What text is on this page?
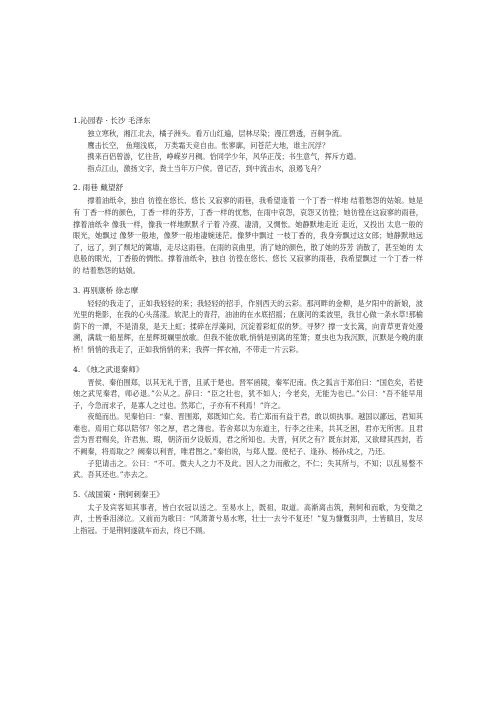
1.沁园春 · 长沙 毛泽东
独立寒秋，湘江北去，橘子洲头。看万山红遍，层林尽染；漫江碧透，百舸争流。
鹰击长空， 鱼翔浅底， 万类霜天竞自由。怅寥廓，问苍茫大地，谁主沉浮？
携来百侣曾游，忆往昔，峥嵘岁月稠。恰同学少年，风华正茂；书生意气，挥斥方遒。
指点江山，激扬文字，粪土当年万户侯。曾记否，到中流击水，浪遏飞舟？
2. 雨巷 戴望舒

撑着油纸伞，独自 彷徨在悠长、悠长 又寂寥的雨巷，我希望逢着 一个丁香一样地 结着愁怨的姑娘。她是有 丁香一样的颜色，丁香一样的芬芳，丁香一样的忧愁，在雨中哀怨，哀怨又彷徨；她彷徨在这寂寥的雨巷，撑着油纸伞 像我一样，像我一样地默默彳亍着 冷漠、凄清，又惆怅。她静默地走近 走近，又投出 太息一般的眼光，她飘过 像梦一般地，像梦一般地凄婉迷茫。像梦中飘过 一枝丁香的，我身旁飘过这女郎；她静默地远了，远了，到了颓圮的篱墙，走尽这雨巷。在雨的哀曲里，消了她的颜色，散了她的芬芳 消散了，甚至她的 太息般的眼光，丁香般的惆怅。撑着油纸伞，独自 彷徨在悠长、悠长 又寂寥的雨巷，我希望飘过 一个丁香一样的 结着愁怨的姑娘。

3. 再别康桥 徐志摩

轻轻的我走了，正如我轻轻的来；我轻轻的招手，作别西天的云彩。那河畔的金柳，是夕阳中的新娘，波光里的艳影，在我的心头荡漾。软泥上的青荇，油油的在水底招摇；在康河的柔波里，我甘心做一条水草!那榆荫下的一潭，不是清泉，是天上虹；揉碎在浮藻间，沉淀着彩虹似的梦。寻梦？撑一支长篙，向青草更青处漫溯，满载一船星辉，在星辉斑斓里放歌。但我不能放歌,悄悄是别离的笙箫；夏虫也为我沉默，沉默是今晚的康桥！悄悄的我走了，正如我悄悄的来；我挥一挥衣袖，不带走一片云彩。

4. 《烛之武退秦师》

晋侯、秦伯围郑，以其无礼于晋，且贰于楚也。晋军函陵，秦军氾南。佚之狐言于郑伯曰：“国危矣，若使烛之武见秦君，师必退。”公从之。辞曰：“臣之壮也，犹不如人；今老矣，无能为也已。”公曰：“吾不能早用子，今急而求子，是寡人之过也。然郑亡，子亦有不利焉！”许之。

夜缒而出。见秦伯曰：“秦、晋围郑，郑既知亡矣。若亡郑而有益于君，敢以烦执事。越国以鄙远，君知其难也。焉用亡郑以陪邻？邻之厚，君之薄也。若舍郑以为东道主，行李之往来，共其乏困，君亦无所害。且君尝为晋君赐矣，许君焦、瑕，朝济而夕设版焉，君之所知也。夫晋，何厌之有？既东封郑，又欲肆其西封，若不阙秦，将焉取之？阙秦以利晋，唯君图之。”秦伯说，与郑人盟。使杞子、逢孙、杨孙戍之，乃还。

子犯请击之。公曰：“不可。微夫人之力不及此。因人之力而敝之，不仁；失其所与，不知；以乱易整不武。吾其还也。”亦去之。

5.《战国策・荆轲刺秦王》

太子及宾客知其事者，皆白衣冠以送之。至易水上，既祖，取道。高渐离击筑，荆轲和而歌，为变徵之声，士皆垂泪涕泣。又前而为歌曰：“风萧萧兮易水寒，壮士一去兮不复还！”复为慷慨羽声，士皆瞋目，发尽上指冠。于是荆轲遂就车而去，终已不顾。
